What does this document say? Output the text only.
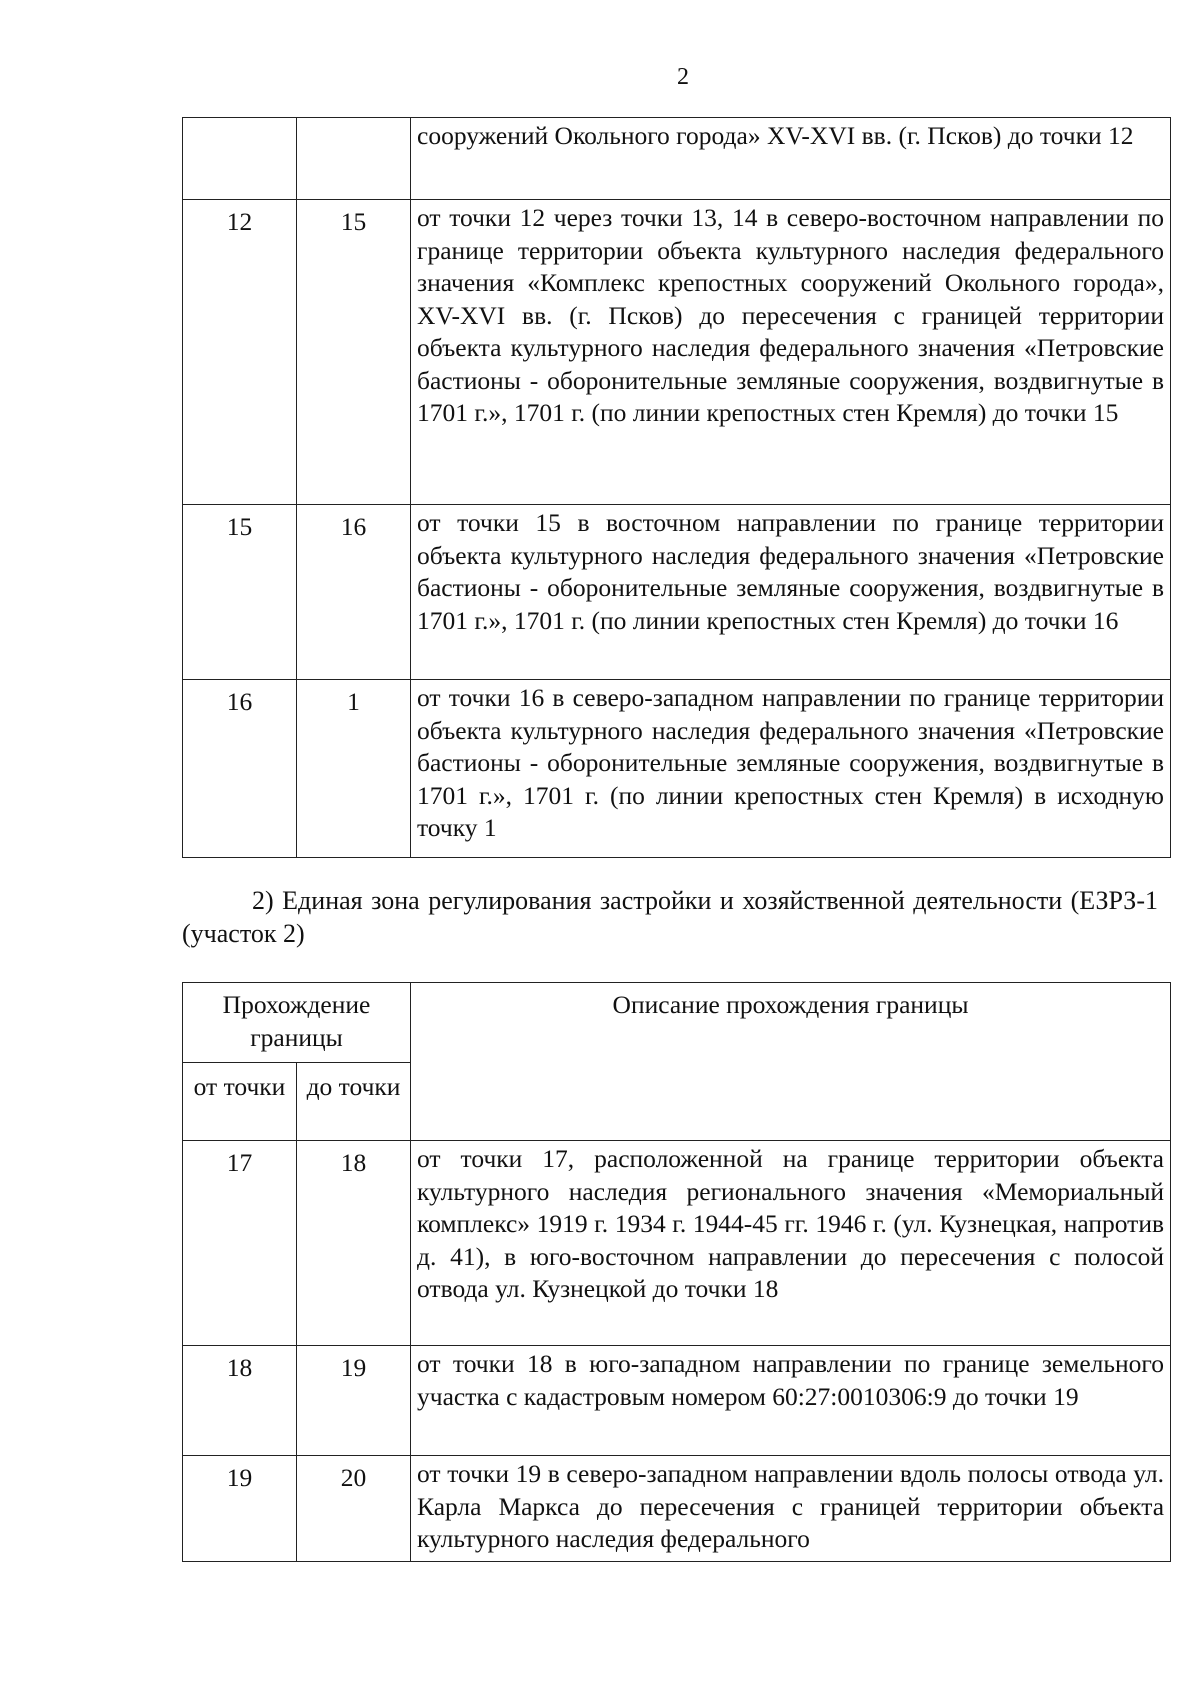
2
		сооружений Окольного города» XV-XVI вв. (г. Псков) до точки 12
12	15	от точки 12 через точки 13, 14 в северо-восточном направлении по границе территории объекта культурного наследия федерального значения «Комплекс крепостных сооружений Окольного города», XV-XVI вв. (г. Псков) до пересечения с границей территории объекта культурного наследия федерального значения «Петровские бастионы - оборонительные земляные сооружения, воздвигнутые в 1701 г.», 1701 г. (по линии крепостных стен Кремля) до точки 15
15	16	от точки 15 в восточном направлении по границе территории объекта культурного наследия федерального значения «Петровские бастионы - оборонительные земляные сооружения, воздвигнутые в 1701 г.», 1701 г. (по линии крепостных стен Кремля) до точки 16
16	1	от точки 16 в северо-западном направлении по границе территории объекта культурного наследия федерального значения «Петровские бастионы - оборонительные земляные сооружения, воздвигнутые в 1701 г.», 1701 г. (по линии крепостных стен Кремля) в исходную точку 1
2) Единая зона регулирования застройки и хозяйственной деятельности (ЕЗРЗ-1 (участок 2)
Прохождение границы		Описание прохождения границы
от точки	до точки	
17	18	от точки 17, расположенной на границе территории объекта культурного наследия регионального значения «Мемориальный комплекс» 1919 г. 1934 г. 1944-45 гг. 1946 г. (ул. Кузнецкая, напротив д. 41), в юго-восточном направлении до пересечения с полосой отвода ул. Кузнецкой до точки 18
18	19	от точки 18 в юго-западном направлении по границе земельного участка с кадастровым номером 60:27:0010306:9 до точки 19
19	20	от точки 19 в северо-западном направлении вдоль полосы отвода ул. Карла Маркса до пересечения с границей территории объекта культурного наследия федерального
